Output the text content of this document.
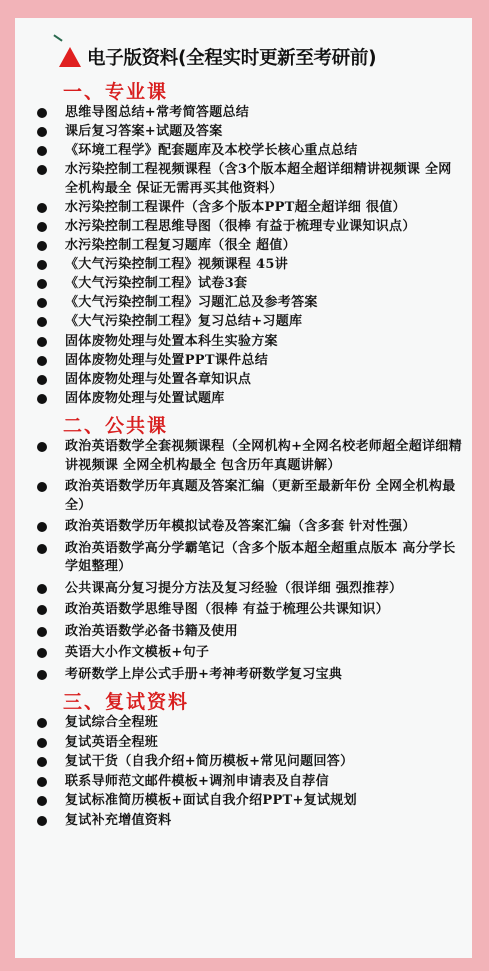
电子版资料(全程实时更新至考研前)
一、专业课
思维导图总结+常考简答题总结
课后复习答案+试题及答案
《环境工程学》配套题库及本校学长核心重点总结
水污染控制工程视频课程（含3个版本超全超详细精讲视频课 全网全机构最全 保证无需再买其他资料）
水污染控制工程课件（含多个版本PPT超全超详细 很值）
水污染控制工程思维导图（很棒 有益于梳理专业课知识点）
水污染控制工程复习题库（很全 超值）
《大气污染控制工程》视频课程 45讲
《大气污染控制工程》试卷3套
《大气污染控制工程》习题汇总及参考答案
《大气污染控制工程》复习总结+习题库
固体废物处理与处置本科生实验方案
固体废物处理与处置PPT课件总结
固体废物处理与处置各章知识点
固体废物处理与处置试题库
二、公共课
政治英语数学全套视频课程（全网机构+全网名校老师超全超详细精讲视频课 全网全机构最全 包含历年真题讲解）
政治英语数学历年真题及答案汇编（更新至最新年份 全网全机构最全）
政治英语数学历年模拟试卷及答案汇编（含多套 针对性强）
政治英语数学高分学霸笔记（含多个版本超全超重点版本 高分学长学姐整理）
公共课高分复习提分方法及复习经验（很详细 强烈推荐）
政治英语数学思维导图（很棒 有益于梳理公共课知识）
政治英语数学必备书籍及使用
英语大小作文模板+句子
考研数学上岸公式手册+考神考研数学复习宝典
三、复试资料
复试综合全程班
复试英语全程班
复试干货（自我介绍+简历模板+常见问题回答）
联系导师范文邮件模板+调剂申请表及自荐信
复试标准简历模板+面试自我介绍PPT+复试规划
复试补充增值资料
